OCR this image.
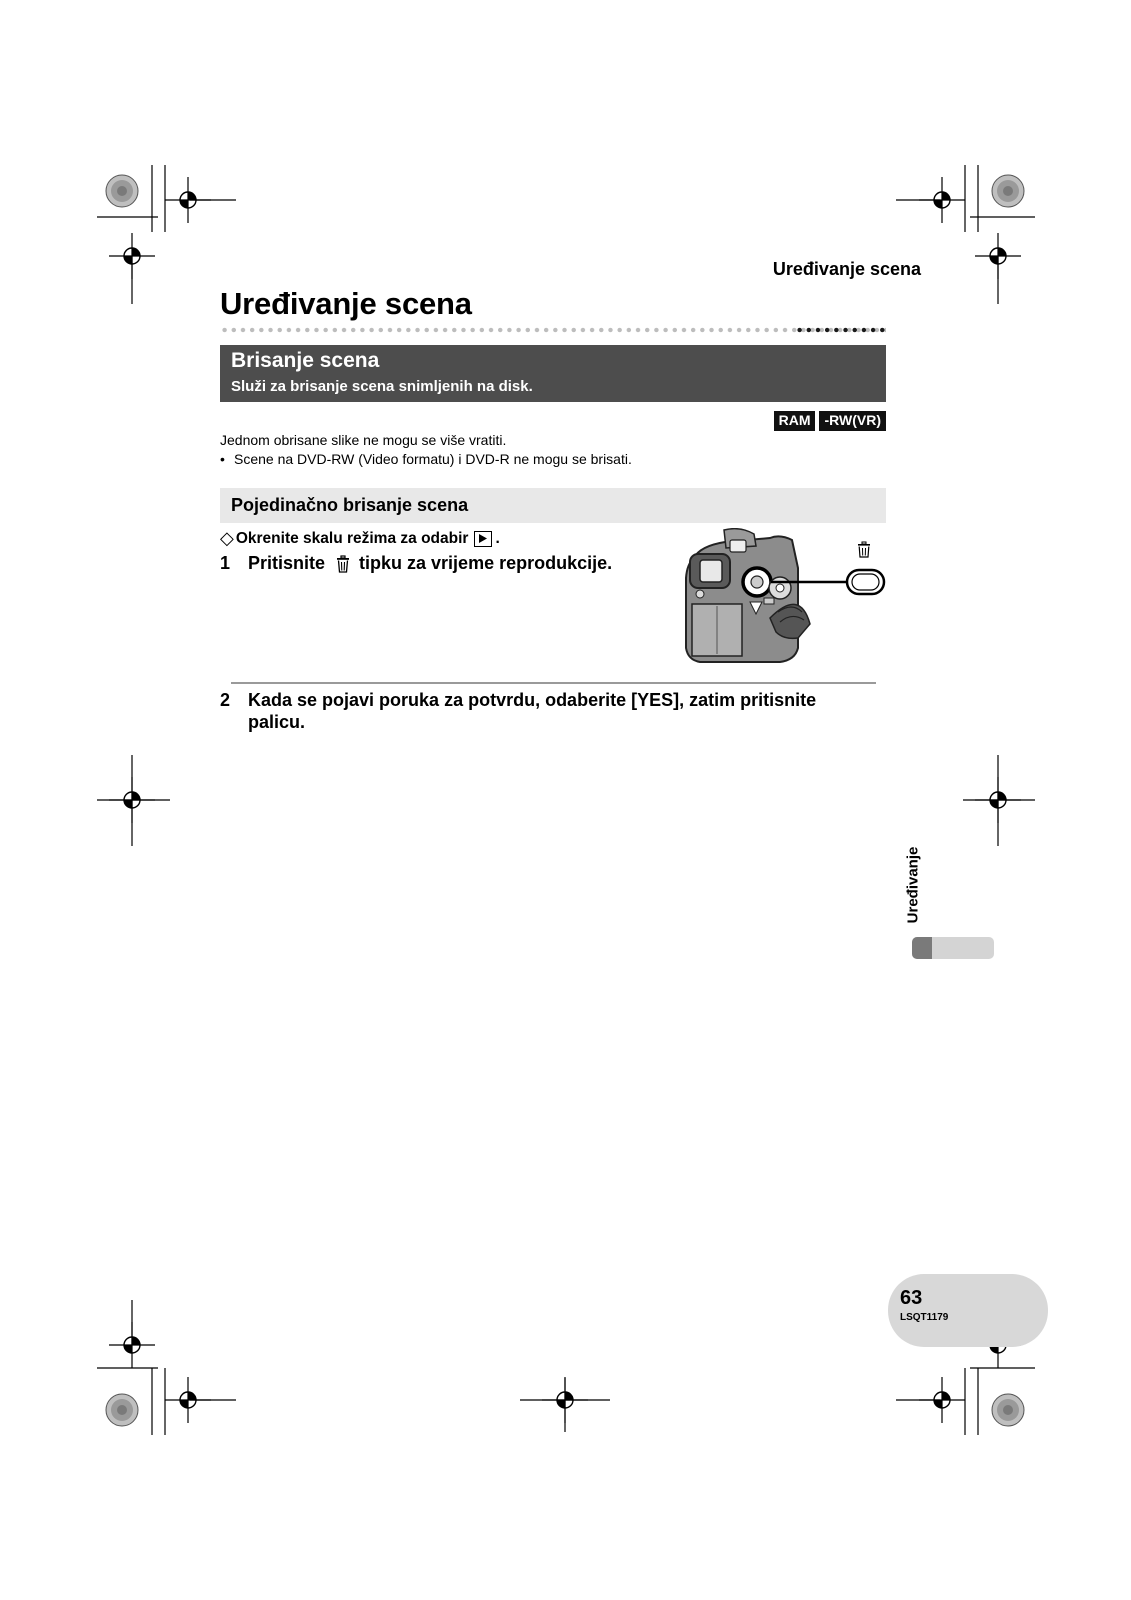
Uređivanje scena
Uređivanje scena
Brisanje scena
Služi za brisanje scena snimljenih na disk.
RAM	-RW(VR)
Jednom obrisane slike ne mogu se više vratiti.
• Scene na DVD-RW (Video formatu) i DVD-R ne mogu se brisati.
Pojedinačno brisanje scena
◇ Okrenite skalu režima za odabir .
1 Pritisnite tipku za vrijeme reprodukcije.
2 Kada se pojavi poruka za potvrdu, odaberite [YES], zatim pritisnite palicu.
Uređivanje
63
LSQT1179
